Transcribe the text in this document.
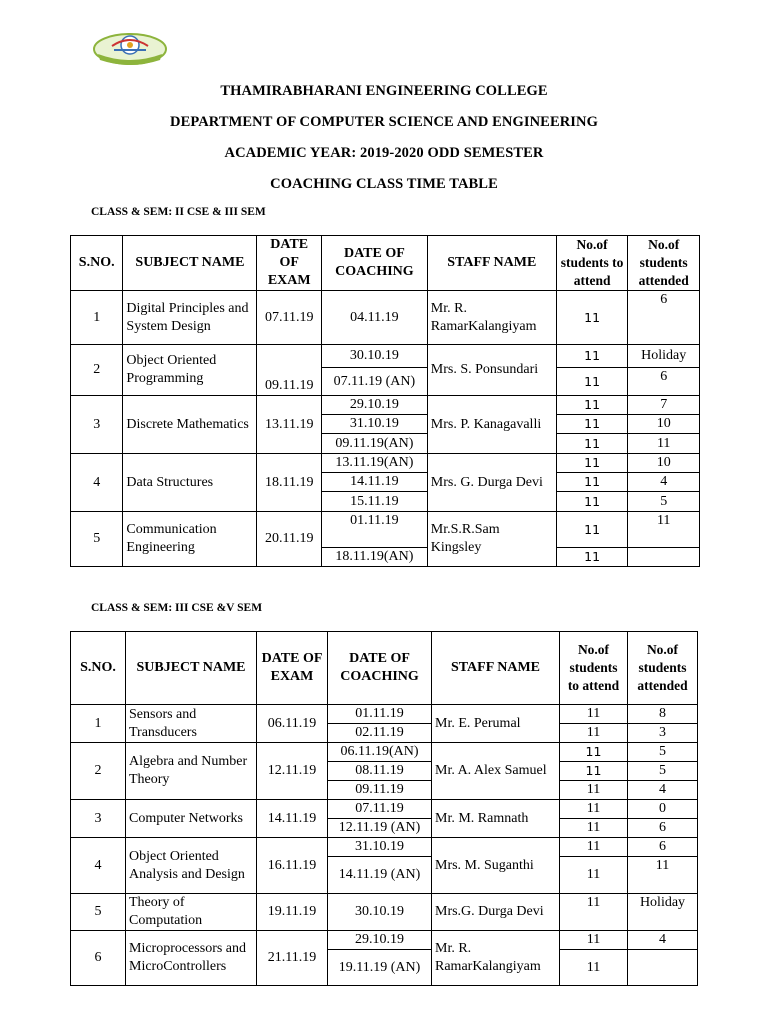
THAMIRABHARANI ENGINEERING COLLEGE
DEPARTMENT OF COMPUTER SCIENCE AND ENGINEERING
ACADEMIC YEAR: 2019-2020 ODD SEMESTER
COACHING CLASS TIME TABLE
CLASS & SEM: II CSE & III SEM
S.NO.	SUBJECT NAME	DATE OF EXAM	DATE OF COACHING	STAFF NAME	No.of students to attend	No.of students attended
1	Digital Principles and System Design	07.11.19	04.11.19	Mr. R. RamarKalangiyam	11	6
2	Object Oriented Programming	09.11.19	30.10.19	Mrs. S. Ponsundari	11	Holiday
			07.11.19 (AN)		11	6
3	Discrete Mathematics	13.11.19	29.10.19	Mrs. P. Kanagavalli	11	7
			31.10.19		11	10
			09.11.19(AN)		11	11
4	Data Structures	18.11.19	13.11.19(AN)	Mrs. G. Durga Devi	11	10
			14.11.19		11	4
			15.11.19		11	5
5	Communication Engineering	20.11.19	01.11.19	Mr.S.R.Sam Kingsley	11	11
			18.11.19(AN)		11	
CLASS & SEM: III CSE &V SEM
S.NO.	SUBJECT NAME	DATE OF EXAM	DATE OF COACHING	STAFF NAME	No.of students to attend	No.of students attended
1	Sensors and Transducers	06.11.19	01.11.19	Mr. E. Perumal	11	8
			02.11.19		11	3
2	Algebra and Number Theory	12.11.19	06.11.19(AN)	Mr. A. Alex Samuel	11	5
			08.11.19		11	5
			09.11.19		11	4
3	Computer Networks	14.11.19	07.11.19	Mr. M. Ramnath	11	0
			12.11.19 (AN)		11	6
4	Object Oriented Analysis and Design	16.11.19	31.10.19	Mrs. M. Suganthi	11	6
			14.11.19 (AN)		11	11
5	Theory of Computation	19.11.19	30.10.19	Mrs.G. Durga Devi	11	Holiday
6	Microprocessors and MicroControllers	21.11.19	29.10.19	Mr. R. RamarKalangiyam	11	4
			19.11.19 (AN)		11	
